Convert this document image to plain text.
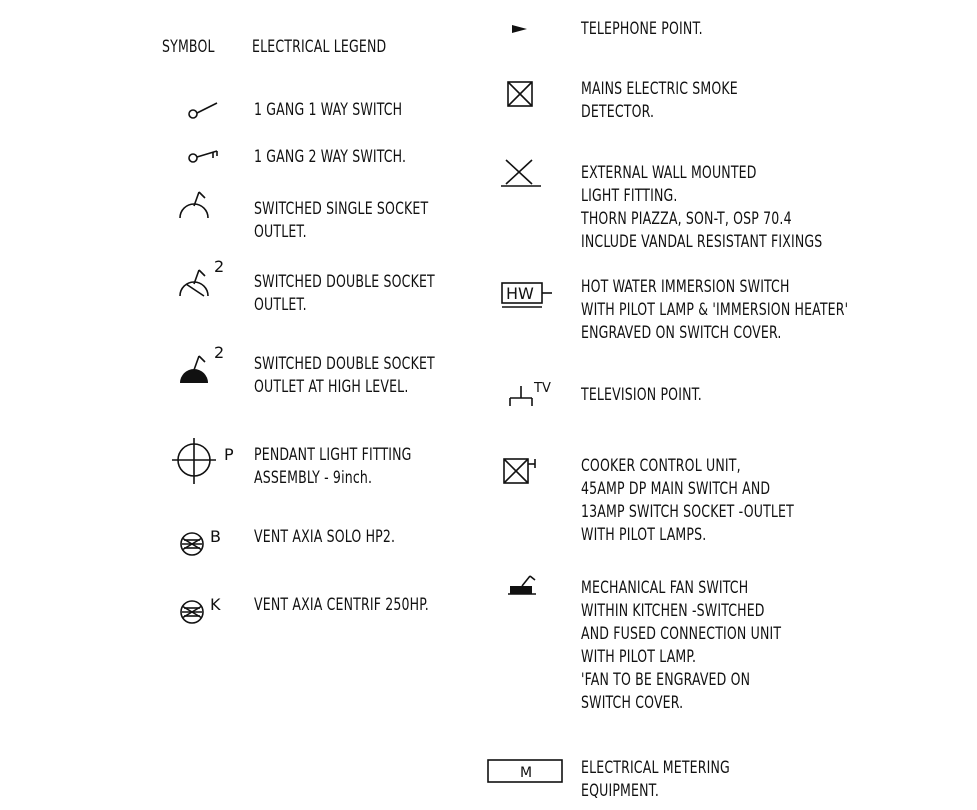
SYMBOL ELECTRICAL LEGEND
1 GANG 1 WAY SWITCH
1 GANG 2 WAY SWITCH.
SWITCHED SINGLE SOCKET
OUTLET.
2
SWITCHED DOUBLE SOCKET
OUTLET.
2
SWITCHED DOUBLE SOCKET
OUTLET AT HIGH LEVEL.
P PENDANT LIGHT FITTING
ASSEMBLY - 9inch.
B VENT AXIA SOLO HP2.
K VENT AXIA CENTRIF 250HP.
TELEPHONE POINT.
MAINS ELECTRIC SMOKE
DETECTOR.
EXTERNAL WALL MOUNTED
LIGHT FITTING.
THORN PIAZZA, SON-T, OSP 70.4
INCLUDE VANDAL RESISTANT FIXINGS
HW	HOT WATER IMMERSION SWITCH
WITH PILOT LAMP & 'IMMERSION HEATER'
ENGRAVED ON SWITCH COVER.
TV TELEVISION POINT.
COOKER CONTROL UNIT,
45AMP DP MAIN SWITCH AND
13AMP SWITCH SOCKET -OUTLET
WITH PILOT LAMPS.
MECHANICAL FAN SWITCH
WITHIN KITCHEN -SWITCHED
AND FUSED CONNECTION UNIT
WITH PILOT LAMP.
'FAN TO BE ENGRAVED ON
SWITCH COVER.
M	ELECTRICAL METERING
EQUIPMENT.
